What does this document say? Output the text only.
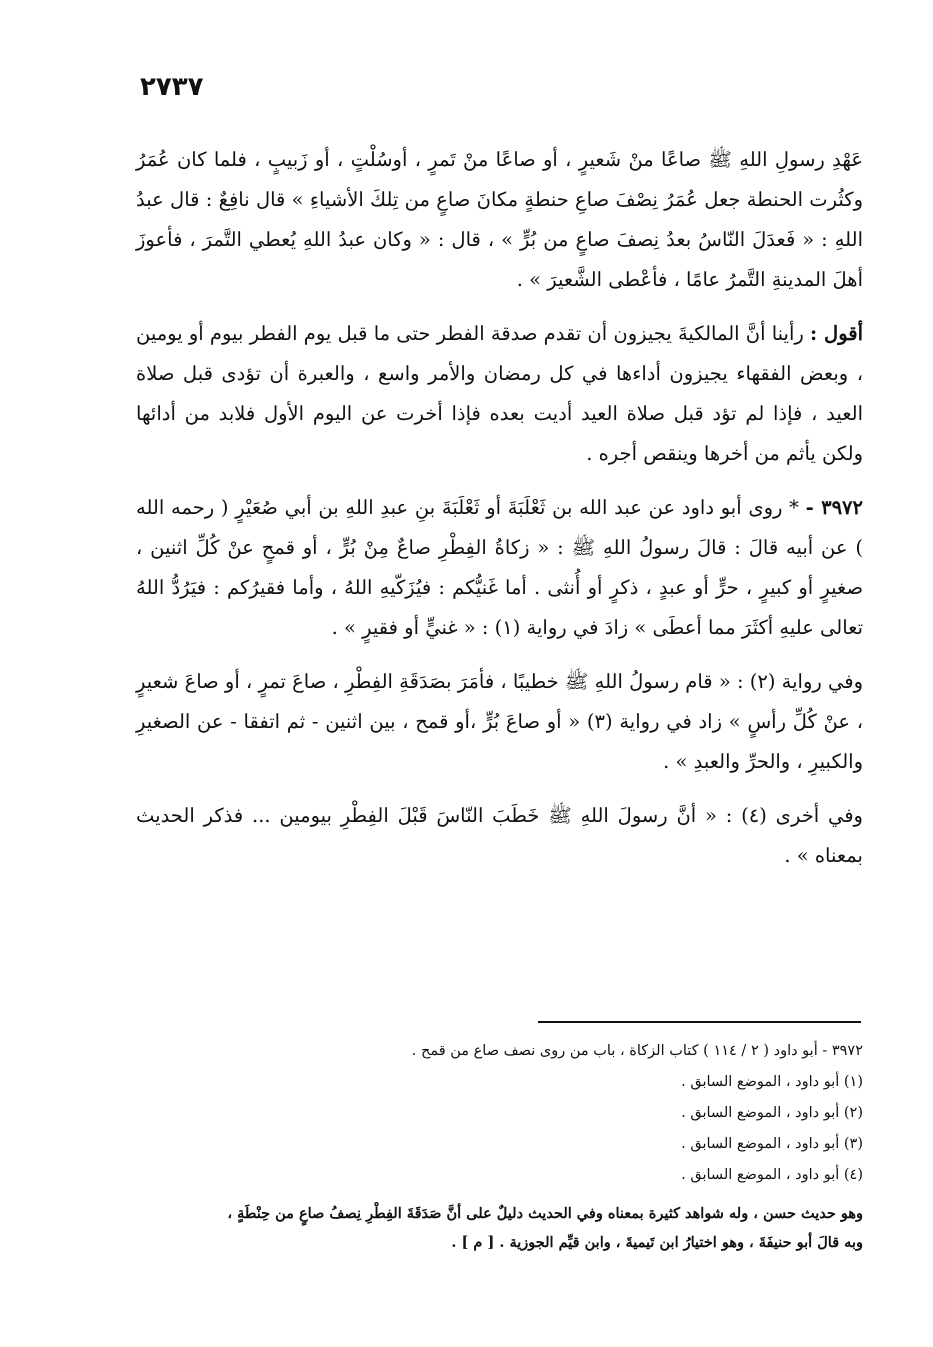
٢٧٣٧

عَهْدِ رسولِ اللهِ ﷺ صاعًا منْ شَعيرٍ ، أو صاعًا منْ تَمرٍ ، أوسُلْتٍ ، أو زَبيبٍ ، فلما كان عُمَرُ وكثُرت الحنطة جعل عُمَرُ نِصْفَ صاعِ حنطةٍ مكانَ صاعٍ من تِلكَ الأشياءِ » قال نافِعٌ : قال عبدُ اللهِ : « فَعدَلَ النّاسُ بعدُ نِصفَ صاعٍ من بُرٍّ » ، قال : « وكان عبدُ اللهِ يُعطي التَّمرَ ، فأعوزَ أهلَ المدينةِ التَّمرُ عامًا ، فأعْطى الشَّعيرَ » .

أقول : رأينا أنَّ المالكيةَ يجيزون أن تقدم صدقة الفطر حتى ما قبل يوم الفطر بيوم أو يومين ، وبعض الفقهاء يجيزون أداءها في كل رمضان والأمر واسع ، والعبرة أن تؤدى قبل صلاة العيد ، فإذا لم تؤد قبل صلاة العيد أديت بعده فإذا أخرت عن اليوم الأول فلابد من أدائها ولكن يأثم من أخرها وينقص أجره .

٣٩٧٢ - * روى أبو داود عن عبد الله بن ثَعْلَبَةَ أو ثَعْلَبَةَ بنِ عبدِ اللهِ بن أبي صُعَيْرٍ ( رحمه الله ) عن أبيه قالَ : قالَ رسولُ اللهِ ﷺ : « زكاةُ الفِطْرِ صاعٌ مِنْ بُرٍّ ، أو قمحٍ عنْ كُلِّ اثنين ، صغيرٍ أو كبيرٍ ، حرٍّ أو عبدٍ ، ذكرٍ أو أُنثى . أما غَنيُّكم : فيُزَكّيهِ اللهُ ، وأما فقيرُكم : فيَرُدُّ اللهُ تعالى عليهِ أكثَرَ مما أعطَى » زادَ في رواية (١) : « غنيٍّ أو فقيرٍ » .

وفي رواية (٢) : « قام رسولُ اللهِ ﷺ خطيبًا ، فأمَرَ بصَدَقَةِ الفِطْرِ ، صاعَ تمرٍ ، أو صاعَ شعيرٍ ، عنْ كُلِّ رأسٍ » زاد في رواية (٣) « أو صاعَ بُرٍّ ،أو قمح ، بين اثنين - ثم اتفقا - عن الصغيرِ والكبيرِ ، والحرِّ والعبدِ » .

وفي أخرى (٤) : « أنَّ رسولَ اللهِ ﷺ خَطَبَ النّاسَ قَبْلَ الفِطْرِ بيومين ... فذكر الحديث بمعناه » .

٣٩٧٢ - أبو داود ( ٢ / ١١٤ ) كتاب الزكاة ، باب من روى نصف صاع من قمح .

(١) أبو داود ، الموضع السابق .

(٢) أبو داود ، الموضع السابق .

(٣) أبو داود ، الموضع السابق .

(٤) أبو داود ، الموضع السابق .

وهو حديث حسن ، وله شواهد كثيرة بمعناه وفي الحديث دليلٌ على أنَّ صَدَقَةَ الفِطْرِ نِصفُ صاعٍ من حِنْطَةٍ ،

وبه قالَ أبو حنيفَةَ ، وهو اختيارُ ابن تَيميةَ ، وابن قيِّم الجوزية . [ م ] .
